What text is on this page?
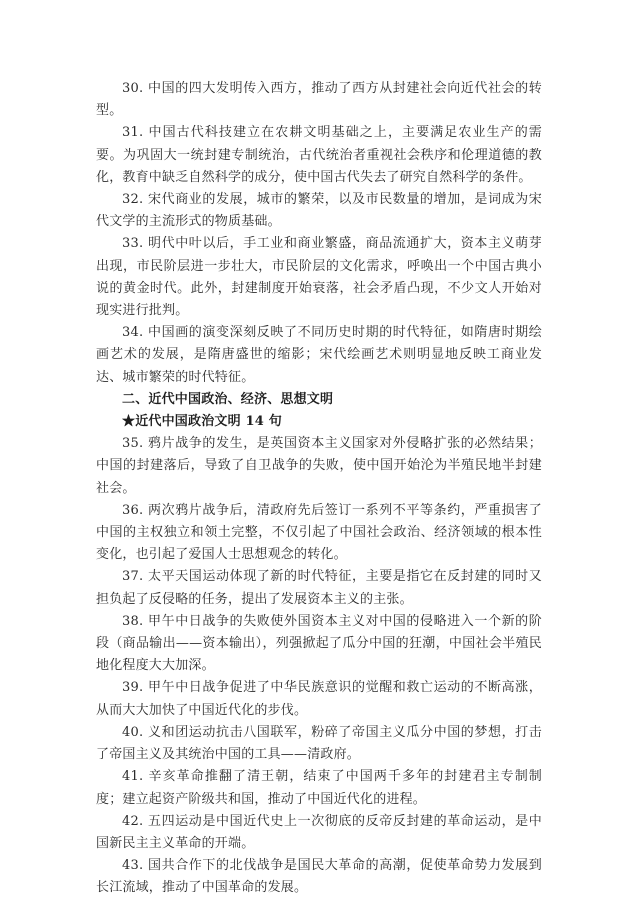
30. 中国的四大发明传入西方，推动了西方从封建社会向近代社会的转型。

31. 中国古代科技建立在农耕文明基础之上，主要满足农业生产的需要。为巩固大一统封建专制统治，古代统治者重视社会秩序和伦理道德的教化，教育中缺乏自然科学的成分，使中国古代失去了研究自然科学的条件。

32. 宋代商业的发展，城市的繁荣，以及市民数量的增加，是词成为宋代文学的主流形式的物质基础。

33. 明代中叶以后，手工业和商业繁盛，商品流通扩大，资本主义萌芽出现，市民阶层进一步壮大，市民阶层的文化需求，呼唤出一个中国古典小说的黄金时代。此外，封建制度开始衰落，社会矛盾凸现，不少文人开始对现实进行批判。

34. 中国画的演变深刻反映了不同历史时期的时代特征，如隋唐时期绘画艺术的发展，是隋唐盛世的缩影；宋代绘画艺术则明显地反映工商业发达、城市繁荣的时代特征。

二、近代中国政治、经济、思想文明

★近代中国政治文明 14 句

35. 鸦片战争的发生，是英国资本主义国家对外侵略扩张的必然结果；中国的封建落后，导致了自卫战争的失败，使中国开始沦为半殖民地半封建社会。

36. 两次鸦片战争后，清政府先后签订一系列不平等条约，严重损害了中国的主权独立和领土完整，不仅引起了中国社会政治、经济领域的根本性变化，也引起了爱国人士思想观念的转化。

37. 太平天国运动体现了新的时代特征，主要是指它在反封建的同时又担负起了反侵略的任务，提出了发展资本主义的主张。

38. 甲午中日战争的失败使外国资本主义对中国的侵略进入一个新的阶段（商品输出——资本输出），列强掀起了瓜分中国的狂潮，中国社会半殖民地化程度大大加深。

39. 甲午中日战争促进了中华民族意识的觉醒和救亡运动的不断高涨，从而大大加快了中国近代化的步伐。

40. 义和团运动抗击八国联军，粉碎了帝国主义瓜分中国的梦想，打击了帝国主义及其统治中国的工具——清政府。

41. 辛亥革命推翻了清王朝，结束了中国两千多年的封建君主专制制度；建立起资产阶级共和国，推动了中国近代化的进程。

42. 五四运动是中国近代史上一次彻底的反帝反封建的革命运动，是中国新民主主义革命的开端。

43. 国共合作下的北伐战争是国民大革命的高潮，促使革命势力发展到长江流域，推动了中国革命的发展。
